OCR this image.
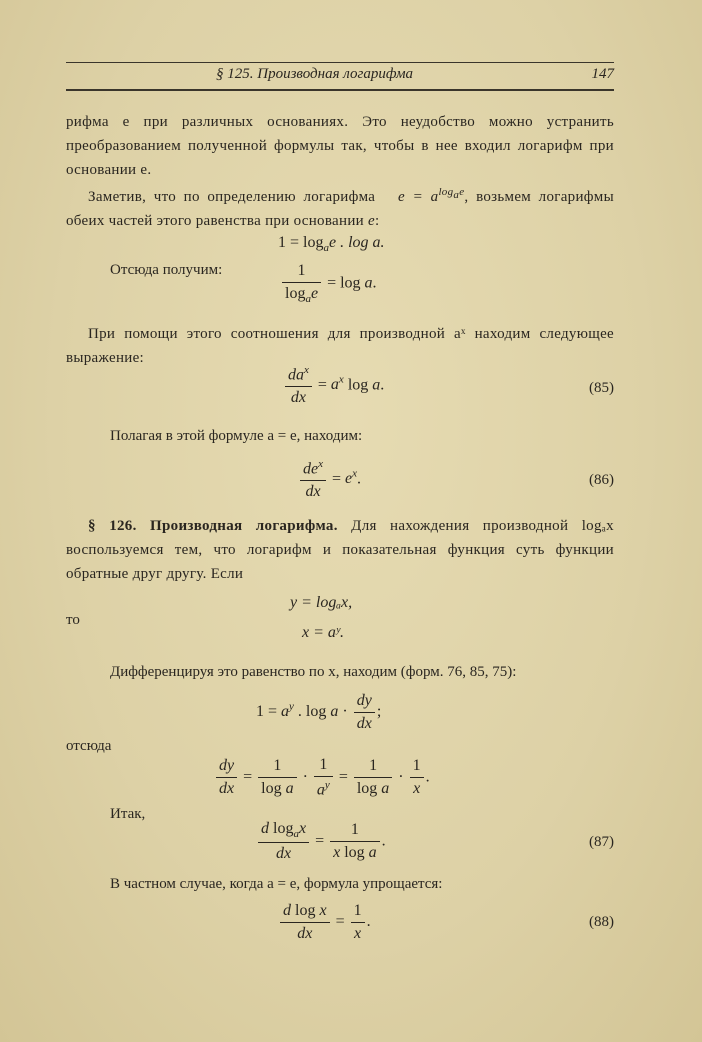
§ 125. Производная логарифма	147
рифма e при различных основаниях. Это неудобство можно устранить преобразованием полученной формулы так, чтобы в нее входил логарифм при основании e.
Заметив, что по определению логарифма   $e = a^{log_ae}$, возьмем логарифмы обеих частей этого равенства при основании e:
$1 = \log_ae$ . log a.
Отсюда получим:	$\frac{1}{\log_ae} = \log a$.
При помощи этого соотношения для производной aˣ находим следующее выражение:
$\frac{da^x}{dx} = a^x$ log a.	(85)
Полагая в этой формуле a = e, находим:
$\frac{de^x}{dx} = e^x$.	(86)
§ 126. Производная логарифма. Для нахождения производной logₐx воспользуемся тем, что логарифм и показательная функция суть функции обратные друг другу. Если
y = logₐx,
то
x = aʸ.
Дифференцируя это равенство по x, находим (форм. 76, 85, 75):
$1 = a^y$ . $\log a \cdot \frac{dy}{dx}$ ;
отсюда
$\frac{dy}{dx} = \frac{1}{\text{log a}} \cdot \frac{1}{a^y} = \frac{1}{\text{log a}} \cdot \frac{1}{x}$ .
Итак,
$\frac{d \log_ax}{dx} = \frac{1}{\text{x log a}}$ .	(87)
В частном случае, когда a = e, формула упрощается:
$\frac{\text{d log x}}{dx} = \frac{1}{x}$ .	(88)
